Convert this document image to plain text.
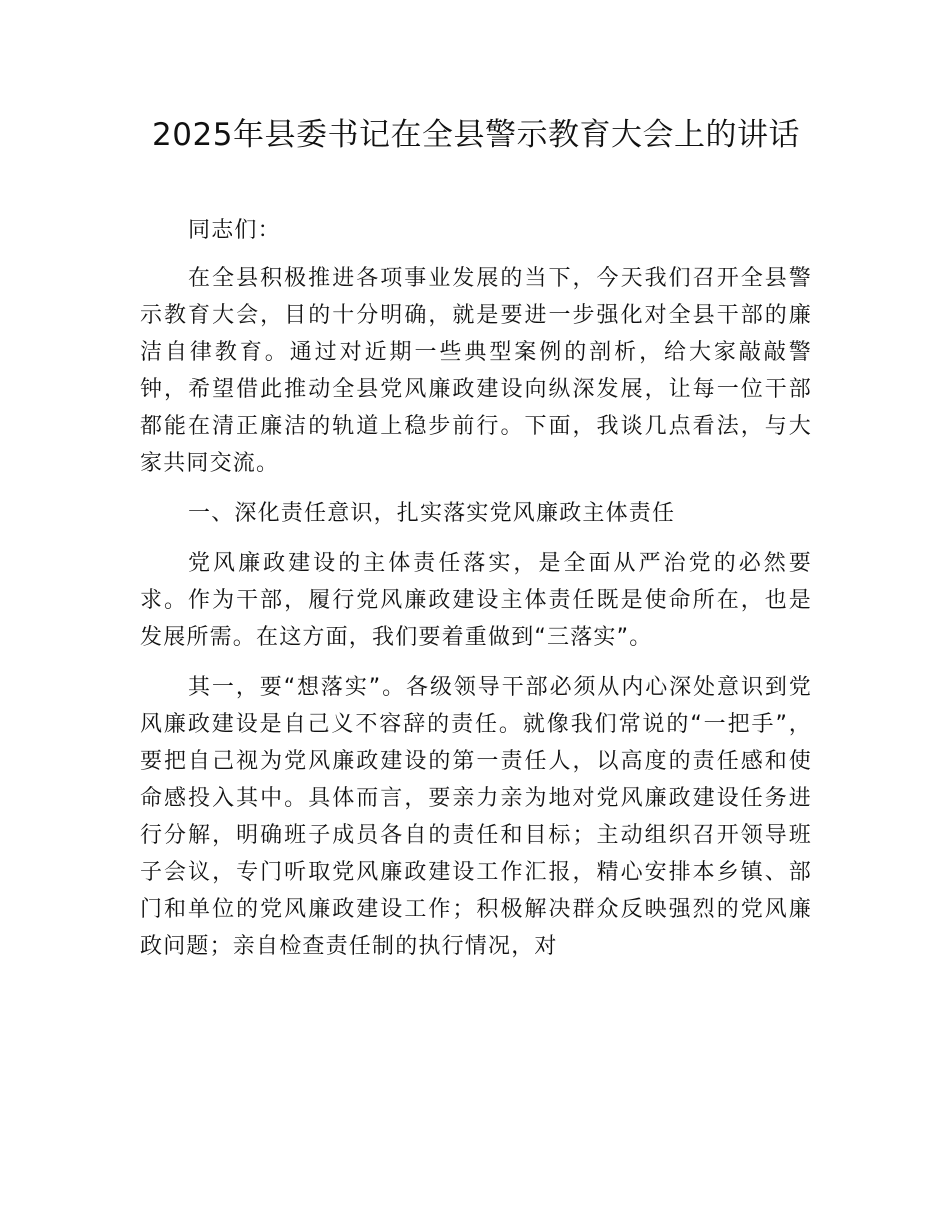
2025年县委书记在全县警示教育大会上的讲话

同志们：

在全县积极推进各项事业发展的当下，今天我们召开全县警示教育大会，目的十分明确，就是要进一步强化对全县干部的廉洁自律教育。通过对近期一些典型案例的剖析，给大家敲敲警钟，希望借此推动全县党风廉政建设向纵深发展，让每一位干部都能在清正廉洁的轨道上稳步前行。下面，我谈几点看法，与大家共同交流。

一、深化责任意识，扎实落实党风廉政主体责任

党风廉政建设的主体责任落实，是全面从严治党的必然要求。作为干部，履行党风廉政建设主体责任既是使命所在，也是发展所需。在这方面，我们要着重做到“三落实”。

其一，要“想落实”。各级领导干部必须从内心深处意识到党风廉政建设是自己义不容辞的责任。就像我们常说的“一把手”，要把自己视为党风廉政建设的第一责任人，以高度的责任感和使命感投入其中。具体而言，要亲力亲为地对党风廉政建设任务进行分解，明确班子成员各自的责任和目标；主动组织召开领导班子会议，专门听取党风廉政建设工作汇报，精心安排本乡镇、部门和单位的党风廉政建设工作；积极解决群众反映强烈的党风廉政问题；亲自检查责任制的执行情况，对
